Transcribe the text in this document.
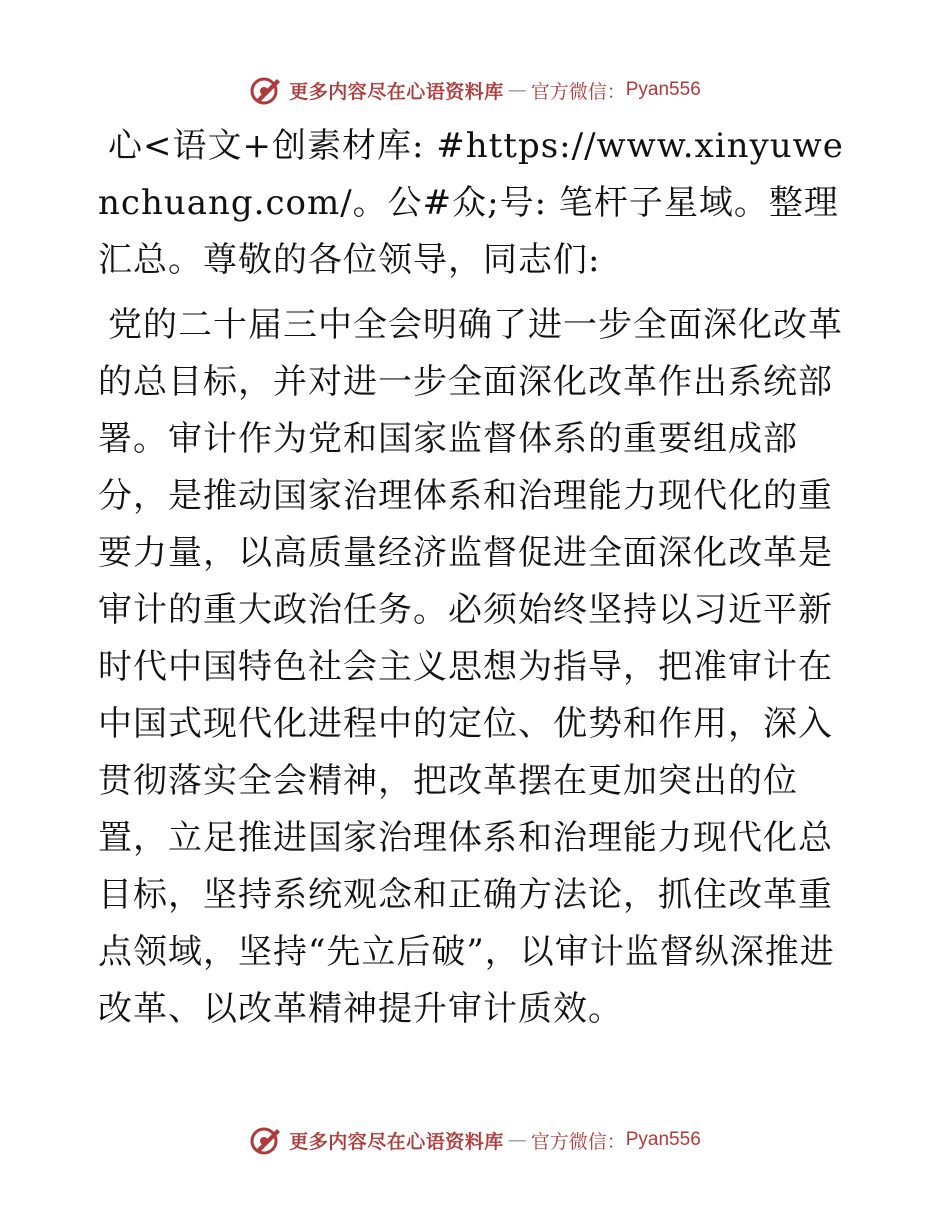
更多内容尽在心语资料库 — 官方微信： Pyan556

心<语文+创素材库: #https://www.xinyuwenchuang.com/。公#众;号: 笔杆子星域。整理汇总。尊敬的各位领导，同志们:

党的二十届三中全会明确了进一步全面深化改革的总目标，并对进一步全面深化改革作出系统部署。审计作为党和国家监督体系的重要组成部分，是推动国家治理体系和治理能力现代化的重要力量，以高质量经济监督促进全面深化改革是审计的重大政治任务。必须始终坚持以习近平新时代中国特色社会主义思想为指导，把准审计在中国式现代化进程中的定位、优势和作用，深入贯彻落实全会精神，把改革摆在更加突出的位置，立足推进国家治理体系和治理能力现代化总目标，坚持系统观念和正确方法论，抓住改革重点领域，坚持“先立后破”，以审计监督纵深推进改革、以改革精神提升审计质效。

更多内容尽在心语资料库 — 官方微信： Pyan556
